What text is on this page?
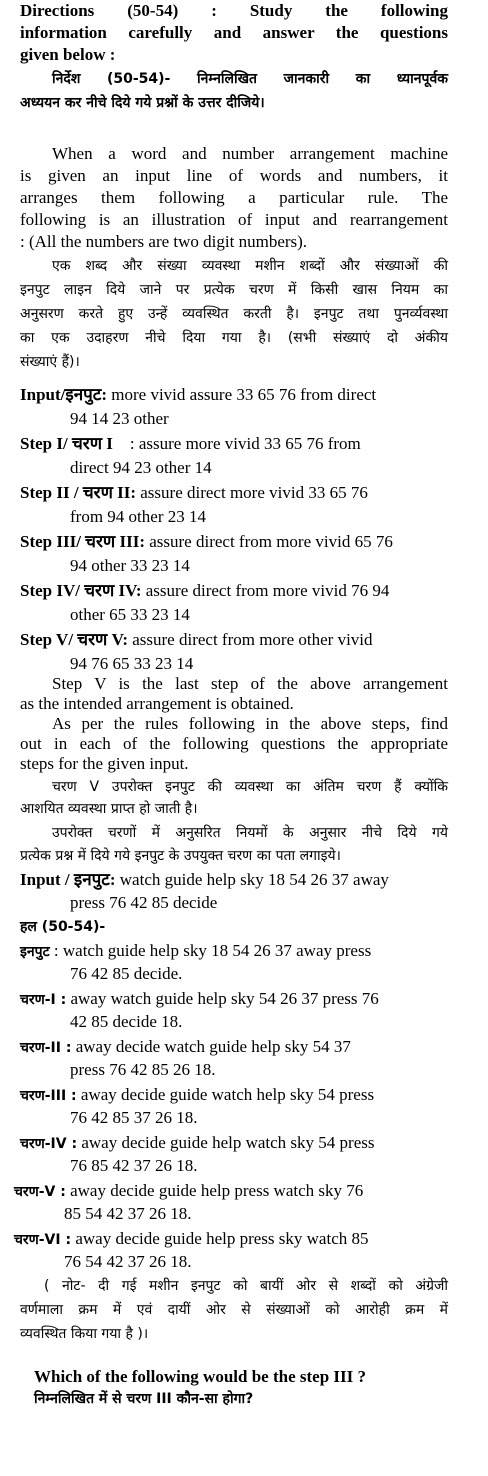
Directions (50-54) : Study the following
information carefully and answer the questions
given below :
निर्देश (50-54)- निम्नलिखित जानकारी का ध्यानपूर्वक
अध्ययन कर नीचे दिये गये प्रश्नों के उत्तर दीजिये।
When a word and number arrangement machine
is given an input line of words and numbers, it
arranges them following a particular rule. The
following is an illustration of input and rearrangement
: (All the numbers are two digit numbers).
एक शब्द और संख्या व्यवस्था मशीन शब्दों और संख्याओं की
इनपुट लाइन दिये जाने पर प्रत्येक चरण में किसी खास नियम का
अनुसरण करते हुए उन्हें व्यवस्थित करती है। इनपुट तथा पुनर्व्यवस्था
का एक उदाहरण नीचे दिया गया है। (सभी संख्याएं दो अंकीय
संख्याएं हैं)।
Input/इनपुट: more vivid assure 33 65 76 from direct
94 14 23 other
Step I/ चरण I    : assure more vivid 33 65 76 from
direct 94 23 other 14
Step II / चरण II: assure direct more vivid 33 65 76
from 94 other 23 14
Step III/ चरण III: assure direct from more vivid 65 76
94 other 33 23 14
Step IV/ चरण IV: assure direct from more vivid 76 94
other 65 33 23 14
Step V/ चरण V: assure direct from more other vivid
94 76 65 33 23 14
Step V is the last step of the above arrangement
as the intended arrangement is obtained.
As per the rules following in the above steps, find
out in each of the following questions the appropriate
steps for the given input.
चरण V उपरोक्त इनपुट की व्यवस्था का अंतिम चरण हैं क्योंकि
आशयित व्यवस्था प्राप्त हो जाती है।
उपरोक्त चरणों में अनुसरित नियमों के अनुसार नीचे दिये गये
प्रत्येक प्रश्न में दिये गये इनपुट के उपयुक्त चरण का पता लगाइये।
Input / इनपुट: watch guide help sky 18 54 26 37 away
press 76 42 85 decide
हल (50-54)-
इनपुट : watch guide help sky 18 54 26 37 away press
76 42 85 decide.
चरण-I : away watch guide help sky 54 26 37 press 76
42 85 decide 18.
चरण-II : away decide watch guide help sky 54 37
press 76 42 85 26 18.
चरण-III : away decide guide watch help sky 54 press
76 42 85 37 26 18.
चरण-IV : away decide guide help watch sky 54 press
76 85 42 37 26 18.
चरण-V : away decide guide help press watch sky 76
85 54 42 37 26 18.
चरण-VI : away decide guide help press sky watch 85
76 54 42 37 26 18.
( नोट- दी गई मशीन इनपुट को बायीं ओर से शब्दों को अंग्रेजी
वर्णमाला क्रम में एवं दायीं ओर से संख्याओं को आरोही क्रम में
व्यवस्थित किया गया है )।
Which of the following would be the step III ?
निम्नलिखित में से चरण III कौन-सा होगा?
